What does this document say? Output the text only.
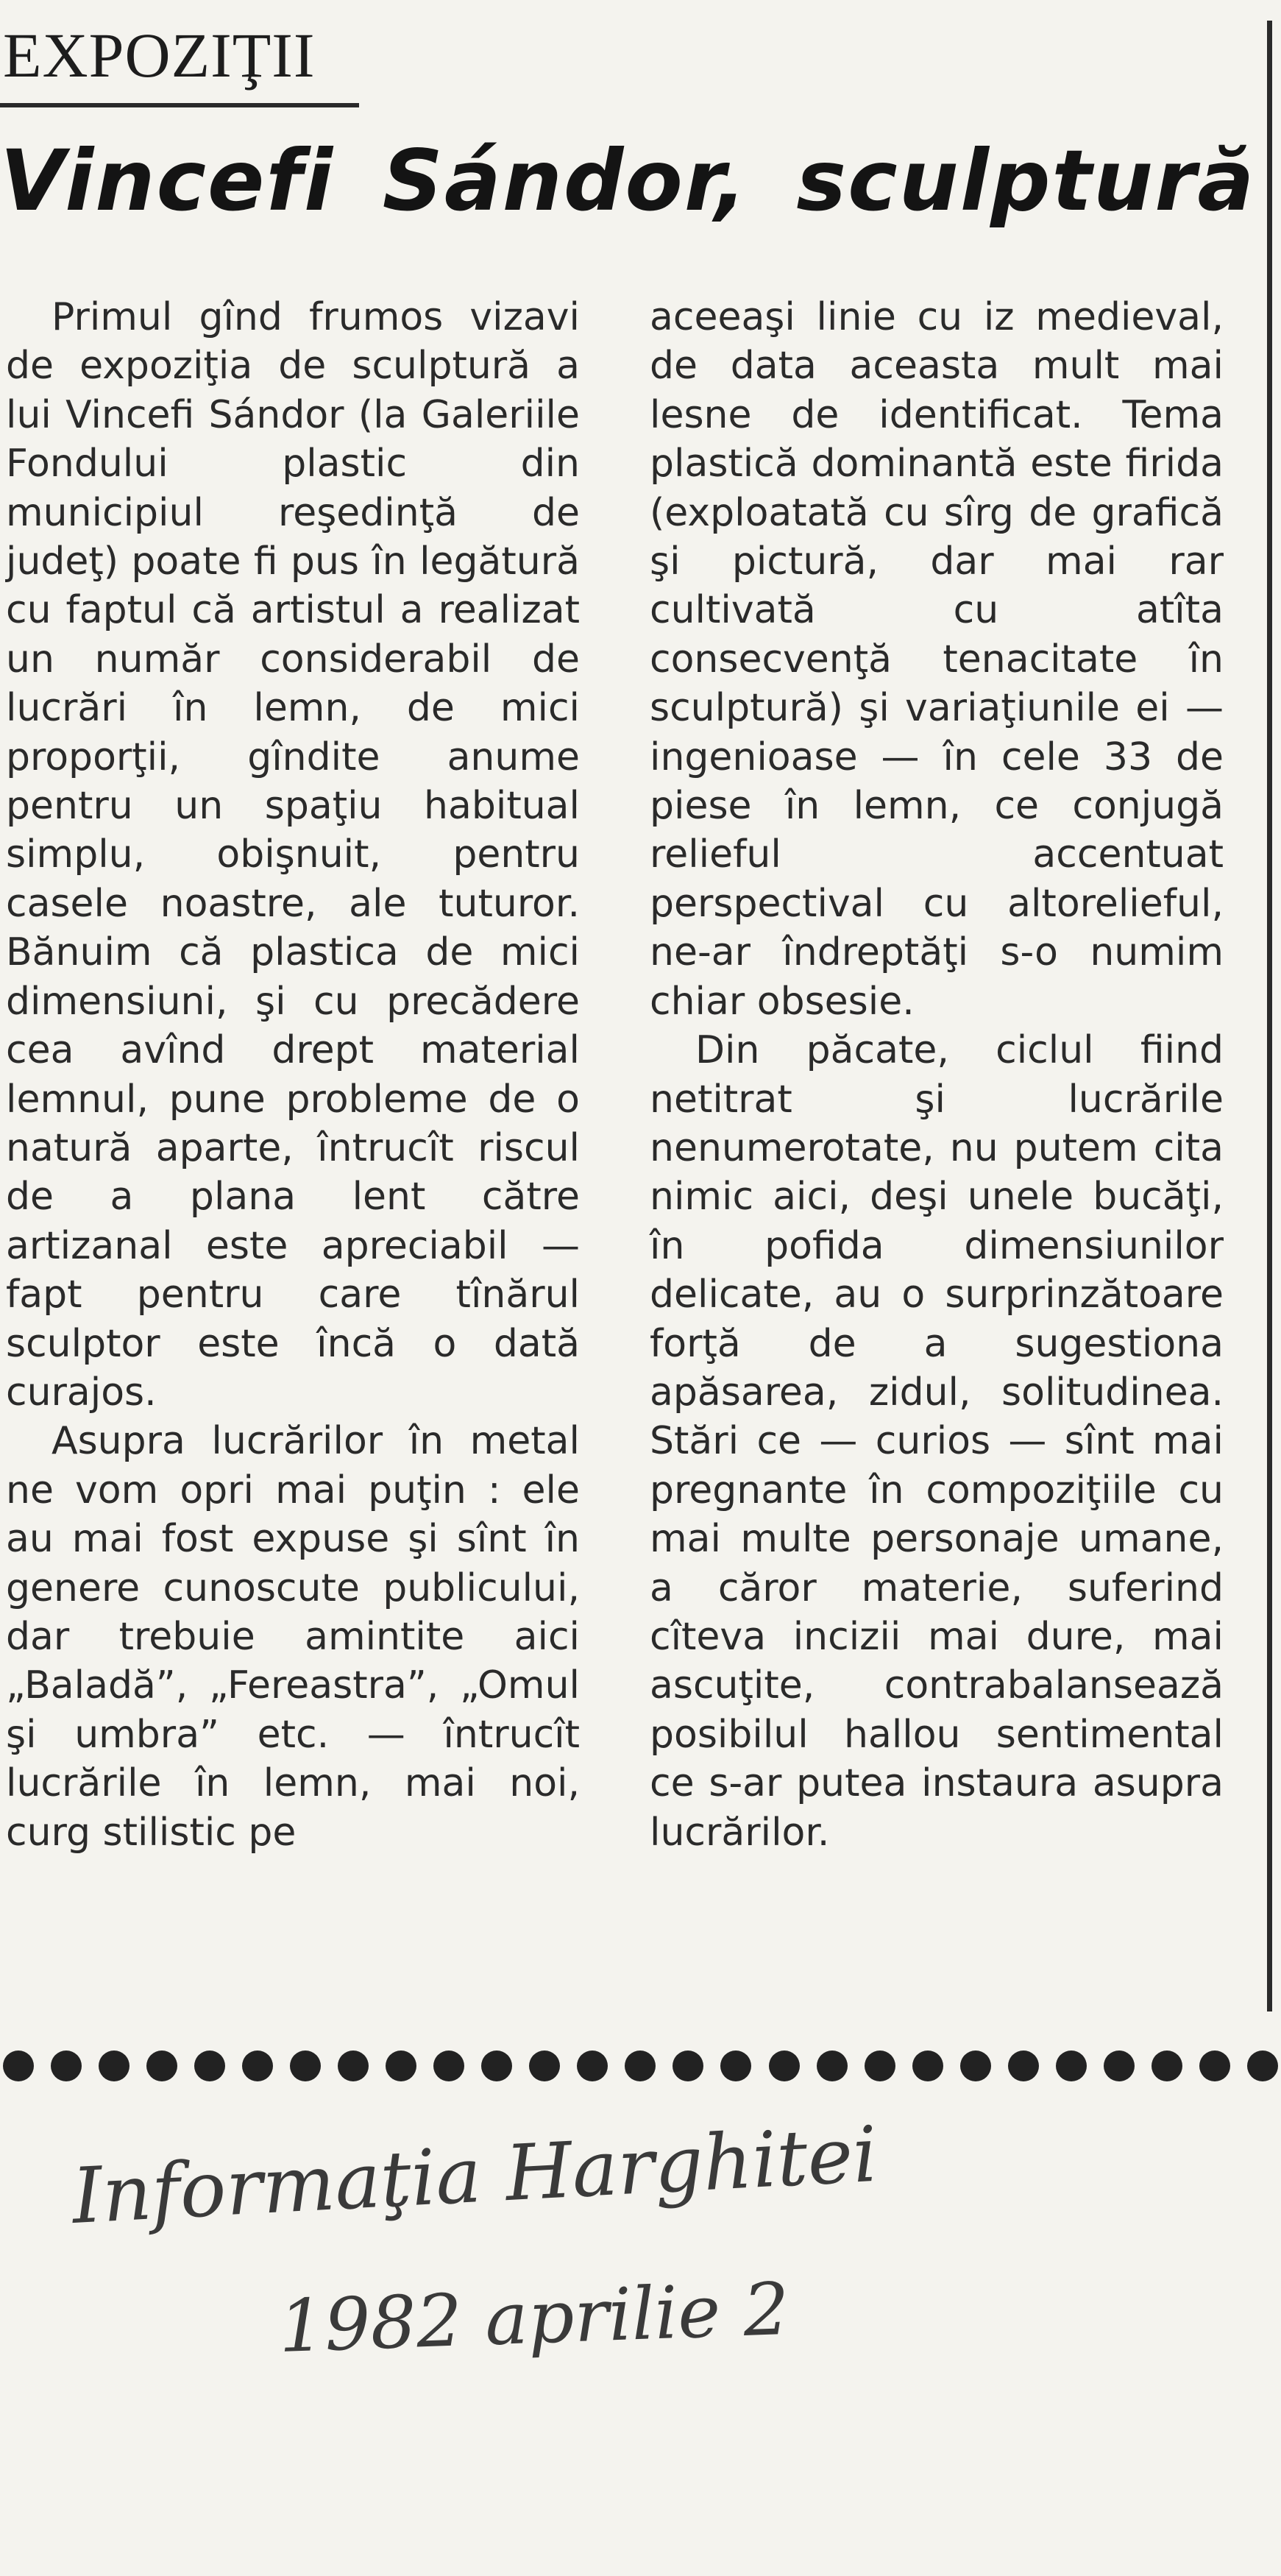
EXPOZIŢII
Vincefi Sándor, sculptură

Primul gînd frumos vizavi de expoziţia de sculptură a lui Vincefi Sándor (la Galeriile Fondului plastic din municipiul reşedinţă de judeţ) poate fi pus în legătură cu faptul că artistul a realizat un număr considerabil de lucrări în lemn, de mici proporţii, gîndite anume pentru un spaţiu habitual simplu, obişnuit, pentru casele noastre, ale tuturor. Bănuim că plastica de mici dimensiuni, şi cu precădere cea avînd drept material lemnul, pune probleme de o natură aparte, întrucît riscul de a plana lent către artizanal este apreciabil — fapt pentru care tînărul sculptor este încă o dată curajos.

Asupra lucrărilor în metal ne vom opri mai puţin : ele au mai fost expuse şi sînt în genere cunoscute publicului, dar trebuie amintite aici „Baladă”, „Fereastra”, „Omul şi umbra” etc. — întrucît lucrările în lemn, mai noi, curg stilistic pe

aceeaşi linie cu iz medieval, de data aceasta mult mai lesne de identificat. Tema plastică dominantă este firida (exploatată cu sîrg de grafică şi pictură, dar mai rar cultivată cu atîta consecvenţă tenacitate în sculptură) şi variaţiunile ei — ingenioase — în cele 33 de piese în lemn, ce conjugă relieful accentuat perspectival cu altorelieful, ne-ar îndreptăţi s-o numim chiar obsesie.

Din păcate, ciclul fiind netitrat şi lucrările nenumerotate, nu putem cita nimic aici, deşi unele bucăţi, în pofida dimensiunilor delicate, au o surprinzătoare forţă de a sugestiona apăsarea, zidul, solitudinea. Stări ce — curios — sînt mai pregnante în compoziţiile cu mai multe personaje umane, a căror materie, suferind cîteva incizii mai dure, mai ascuţite, contrabalansează posibilul hallou sentimental ce s-ar putea instaura asupra lucrărilor.

Informaţia Harghitei
1982 aprilie 2
